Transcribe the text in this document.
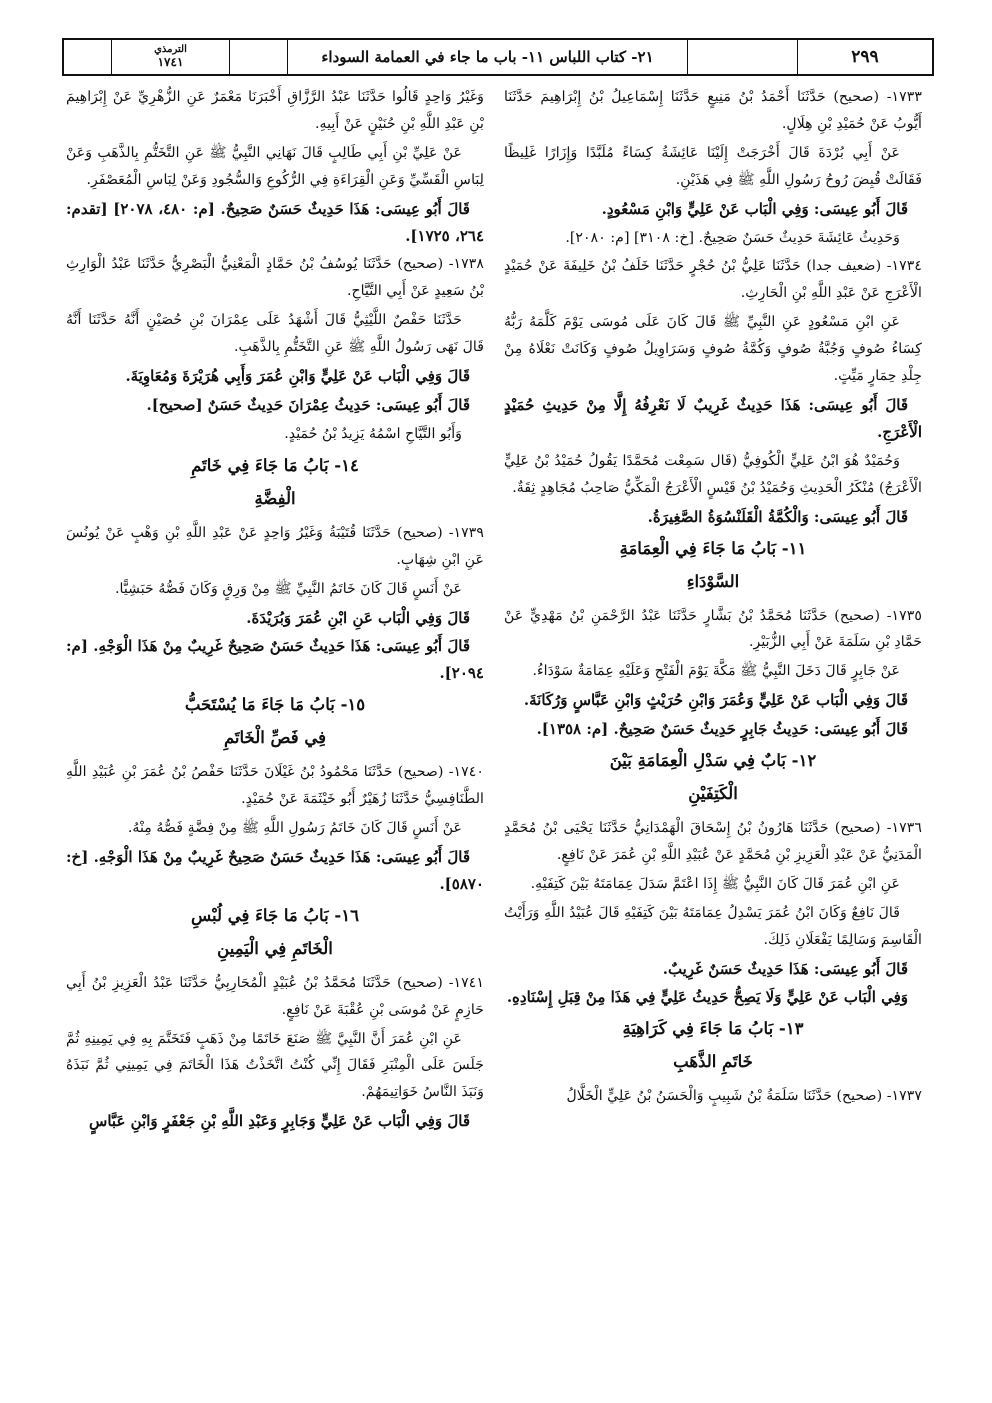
الترمذي
١٧٤١	٢١- كتاب اللباس ١١- باب ما جاء في العمامة السوداء	٢٩٩
١٧٣٣- (صحيح) حَدَّثَنَا أَحْمَدُ بْنُ مَنِيعٍ حَدَّثَنَا إِسْمَاعِيلُ بْنُ إِبْرَاهِيمَ حَدَّثَنَا أَيُّوبُ عَنْ حُمَيْدِ بْنِ هِلَالٍ.
عَنْ أَبِي بُرْدَةَ قَالَ أَخْرَجَتْ إِلَيْنَا عَائِشَةُ كِسَاءً مُلَبَّدًا وَإِزَارًا غَلِيظًا فَقَالَتْ قُبِضَ رُوحُ رَسُولِ اللَّهِ ﷺ فِي هَذَيْنِ.
قَالَ أَبُو عِيسَى: وَفِي الْبَاب عَنْ عَلِيٍّ وَابْنِ مَسْعُودٍ.
وَحَدِيثُ عَائِشَةَ حَدِيثٌ حَسَنٌ صَحِيحٌ. [خ: ٣١٠٨] [م: ٢٠٨٠].
١٧٣٤- (ضعيف جدا) حَدَّثَنَا عَلِيُّ بْنُ حُجْرٍ حَدَّثَنَا خَلَفُ بْنُ خَلِيفَةَ عَنْ حُمَيْدٍ الْأَعْرَجِ عَنْ عَبْدِ اللَّهِ بْنِ الْحَارِثِ.
عَنِ ابْنِ مَسْعُودٍ عَنِ النَّبِيِّ ﷺ قَالَ كَانَ عَلَى مُوسَى يَوْمَ كَلَّمَهُ رَبُّهُ كِسَاءُ صُوفٍ وَجُبَّةُ صُوفٍ وَكُمَّةُ صُوفٍ وَسَرَاوِيلُ صُوفٍ وَكَانَتْ نَعْلَاهُ مِنْ جِلْدِ حِمَارٍ مَيِّتٍ.
قَالَ أَبُو عِيسَى: هَذَا حَدِيثٌ غَرِيبٌ لَا نَعْرِفُهُ إِلَّا مِنْ حَدِيثِ حُمَيْدٍ الْأَعْرَجِ.
وَحُمَيْدٌ هُوَ ابْنُ عَلِيٍّ الْكُوفِيُّ (قَال سَمِعْت مُحَمَّدًا يَقُولُ حُمَيْدُ بْنُ عَلِيٍّ الْأَعْرَجُ) مُنْكَرُ الْحَدِيثِ وَحُمَيْدُ بْنُ قَيْسٍ الْأَعْرَجُ الْمَكِّيُّ صَاحِبُ مُجَاهِدٍ ثِقَةٌ.
قَالَ أَبُو عِيسَى: وَالْكُمَّةُ الْقَلَنْسُوَةُ الصَّغِيرَةُ.
١١- بَابُ مَا جَاءَ فِي الْعِمَامَةِ
السَّوْدَاءِ
١٧٣٥- (صحيح) حَدَّثَنَا مُحَمَّدُ بْنُ بَشَّارٍ حَدَّثَنَا عَبْدُ الرَّحْمَنِ بْنُ مَهْدِيٍّ عَنْ حَمَّادِ بْنِ سَلَمَةَ عَنْ أَبِي الزُّبَيْرِ.
عَنْ جَابِرٍ قَالَ دَخَلَ النَّبِيُّ ﷺ مَكَّةَ يَوْمَ الْفَتْحِ وَعَلَيْهِ عِمَامَةٌ سَوْدَاءُ.
قَالَ وَفِي الْبَاب عَنْ عَلِيٍّ وَعُمَرَ وَابْنِ حُرَيْثٍ وَابْنِ عَبَّاسٍ وَرُكَانَةَ.
قَالَ أَبُو عِيسَى: حَدِيثُ جَابِرٍ حَدِيثٌ حَسَنٌ صَحِيحٌ. [م: ١٣٥٨].
١٢- بَابٌ فِي سَدْلِ الْعِمَامَةِ بَيْنَ
الْكَتِفَيْنِ
١٧٣٦- (صحيح) حَدَّثَنَا هَارُونُ بْنُ إِسْحَاقَ الْهَمْدَانِيُّ حَدَّثَنَا يَحْيَى بْنُ مُحَمَّدٍ الْمَدَنِيُّ عَنْ عَبْدِ الْعَزِيزِ بْنِ مُحَمَّدٍ عَنْ عُبَيْدِ اللَّهِ بْنِ عُمَرَ عَنْ نَافِعٍ.
عَنِ ابْنِ عُمَرَ قَالَ كَانَ النَّبِيُّ ﷺ إِذَا اعْتَمَّ سَدَلَ عِمَامَتَهُ بَيْنَ كَتِفَيْهِ.
قَالَ نَافِعٌ وَكَانَ ابْنُ عُمَرَ يَسْدِلُ عِمَامَتَهُ بَيْنَ كَتِفَيْهِ قَالَ عُبَيْدُ اللَّهِ وَرَأَيْتُ الْقَاسِمَ وَسَالِمًا يَفْعَلَانِ ذَلِكَ.
قَالَ أَبُو عِيسَى: هَذَا حَدِيثٌ حَسَنٌ غَرِيبٌ.
وَفِي الْبَاب عَنْ عَلِيٍّ وَلَا يَصِحُّ حَدِيثُ عَلِيٍّ فِي هَذَا مِنْ قِبَلِ إِسْنَادِهِ.
١٣- بَابُ مَا جَاءَ فِي كَرَاهِيَةِ
خَاتَمِ الذَّهَبِ
١٧٣٧- (صحيح) حَدَّثَنَا سَلَمَةُ بْنُ شَبِيبٍ وَالْحَسَنُ بْنُ عَلِيٍّ الْخَلَّالُ
وَغَيْرُ وَاحِدٍ قَالُوا حَدَّثَنَا عَبْدُ الرَّزَّاقِ أَخْبَرَنَا مَعْمَرٌ عَنِ الزُّهْرِيِّ عَنْ إِبْرَاهِيمَ بْنِ عَبْدِ اللَّهِ بْنِ حُنَيْنٍ عَنْ أَبِيهِ.
عَنْ عَلِيِّ بْنِ أَبِي طَالِبٍ قَالَ نَهَانِي النَّبِيُّ ﷺ عَنِ التَّخَتُّمِ بِالذَّهَبِ وَعَنْ لِبَاسِ الْقَسِّيِّ وَعَنِ الْقِرَاءَةِ فِي الرُّكُوعِ وَالسُّجُودِ وَعَنْ لِبَاسِ الْمُعَصْفَرِ.
قَالَ أَبُو عِيسَى: هَذَا حَدِيثٌ حَسَنٌ صَحِيحٌ. [م: ٤٨٠، ٢٠٧٨] [تقدم: ٢٦٤، ١٧٢٥].
١٧٣٨- (صحيح) حَدَّثَنَا يُوسُفُ بْنُ حَمَّادٍ الْمَعْنِيُّ الْبَصْرِيُّ حَدَّثَنَا عَبْدُ الْوَارِثِ بْنُ سَعِيدٍ عَنْ أَبِي التَّيَّاحِ.
حَدَّثَنَا حَفْصٌ اللَّيْثِيُّ قَالَ أَشْهَدُ عَلَى عِمْرَانَ بْنِ حُصَيْنٍ أَنَّهُ حَدَّثَنَا أَنَّهُ قَالَ نَهَى رَسُولُ اللَّهِ ﷺ عَنِ التَّخَتُّمِ بِالذَّهَبِ.
قَالَ وَفِي الْبَاب عَنْ عَلِيٍّ وَابْنِ عُمَرَ وَأَبِي هُرَيْرَةَ وَمُعَاوِيَةَ.
قَالَ أَبُو عِيسَى: حَدِيثُ عِمْرَانَ حَدِيثٌ حَسَنٌ [صحيح].
وَأَبُو التَّيَّاحِ اسْمُهُ يَزِيدُ بْنُ حُمَيْدٍ.
١٤- بَابُ مَا جَاءَ فِي خَاتَمِ
الْفِضَّةِ
١٧٣٩- (صحيح) حَدَّثَنَا قُتَيْبَةُ وَغَيْرُ وَاحِدٍ عَنْ عَبْدِ اللَّهِ بْنِ وَهْبٍ عَنْ يُونُسَ عَنِ ابْنِ شِهَابٍ.
عَنْ أَنَسٍ قَالَ كَانَ خَاتَمُ النَّبِيِّ ﷺ مِنْ وَرِقٍ وَكَانَ فَصُّهُ حَبَشِيًّا.
قَالَ وَفِي الْبَاب عَنِ ابْنِ عُمَرَ وَبُرَيْدَةَ.
قَالَ أَبُو عِيسَى: هَذَا حَدِيثٌ حَسَنٌ صَحِيحٌ غَرِيبٌ مِنْ هَذَا الْوَجْهِ. [م: ٢٠٩٤].
١٥- بَابُ مَا جَاءَ مَا يُسْتَحَبُّ
فِي فَصِّ الْخَاتَمِ
١٧٤٠- (صحيح) حَدَّثَنَا مَحْمُودُ بْنُ غَيْلَانَ حَدَّثَنَا حَفْصُ بْنُ عُمَرَ بْنِ عُبَيْدِ اللَّهِ الطَّنَافِسِيُّ حَدَّثَنَا زُهَيْرٌ أَبُو خَيْثَمَةَ عَنْ حُمَيْدٍ.
عَنْ أَنَسٍ قَالَ كَانَ خَاتَمُ رَسُولِ اللَّهِ ﷺ مِنْ فِضَّةٍ فَصُّهُ مِنْهُ.
قَالَ أَبُو عِيسَى: هَذَا حَدِيثٌ حَسَنٌ صَحِيحٌ غَرِيبٌ مِنْ هَذَا الْوَجْهِ. [خ: ٥٨٧٠].
١٦- بَابُ مَا جَاءَ فِي لُبْسِ
الْخَاتَمِ فِي الْيَمِينِ
١٧٤١- (صحيح) حَدَّثَنَا مُحَمَّدُ بْنُ عُبَيْدٍ الْمُحَارِبِيُّ حَدَّثَنَا عَبْدُ الْعَزِيزِ بْنُ أَبِي حَازِمٍ عَنْ مُوسَى بْنِ عُقْبَةَ عَنْ نَافِعٍ.
عَنِ ابْنِ عُمَرَ أَنَّ النَّبِيَّ ﷺ صَنَعَ خَاتَمًا مِنْ ذَهَبٍ فَتَخَتَّمَ بِهِ فِي يَمِينِهِ ثُمَّ جَلَسَ عَلَى الْمِنْبَرِ فَقَالَ إِنِّي كُنْتُ اتَّخَذْتُ هَذَا الْخَاتَمَ فِي يَمِينِي ثُمَّ نَبَذَهُ وَنَبَذَ النَّاسُ خَوَاتِيمَهُمْ.
قَالَ وَفِي الْبَاب عَنْ عَلِيٍّ وَجَابِرٍ وَعَبْدِ اللَّهِ بْنِ جَعْفَرٍ وَابْنِ عَبَّاسٍ
